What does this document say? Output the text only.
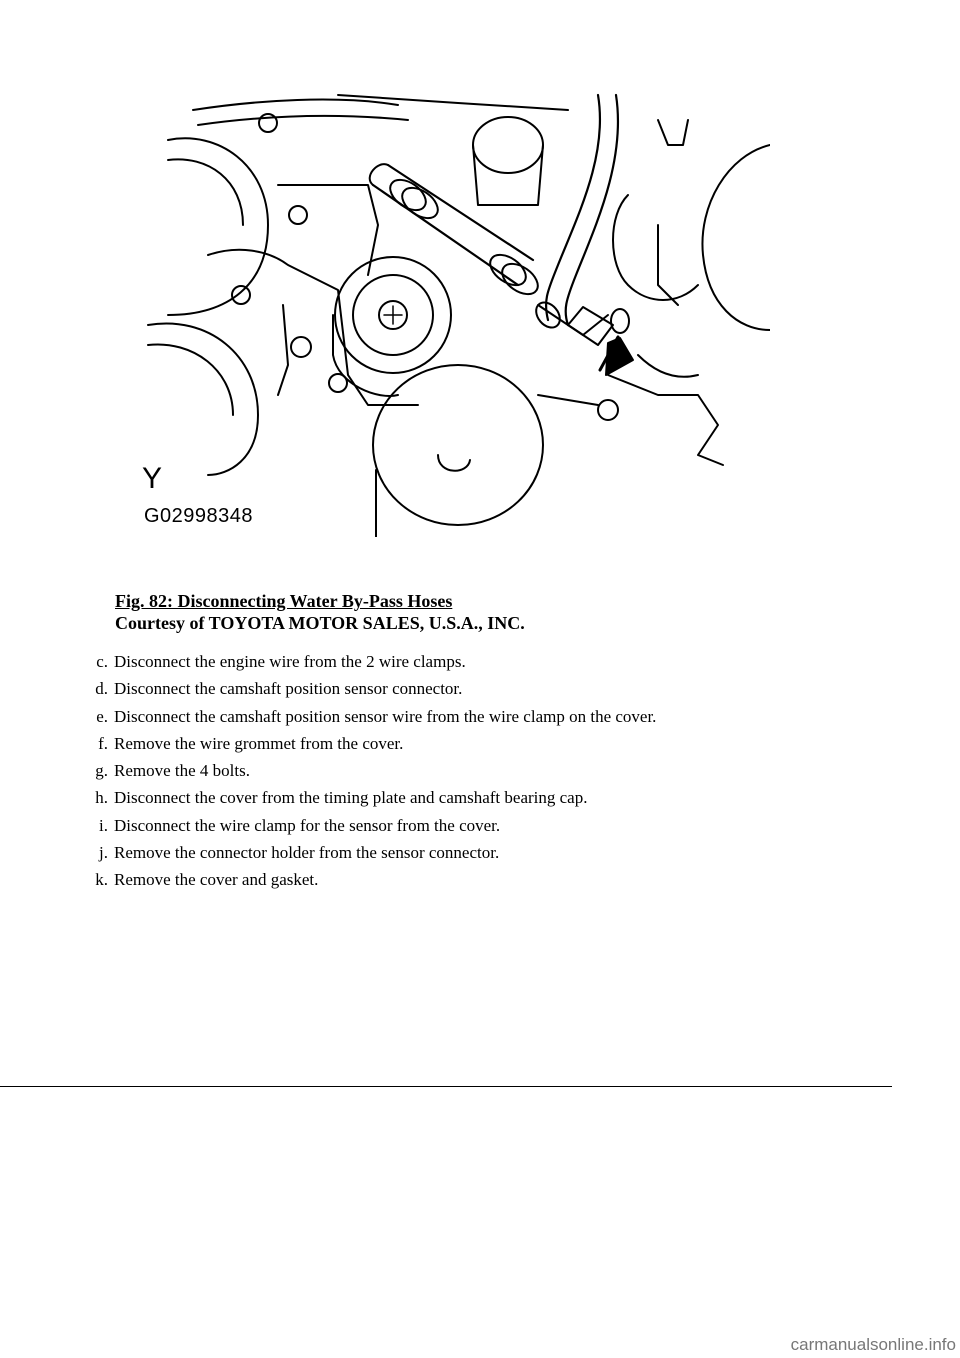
Y
G02998348
Fig. 82: Disconnecting Water By-Pass Hoses
Courtesy of TOYOTA MOTOR SALES, U.S.A., INC.
c. Disconnect the engine wire from the 2 wire clamps.
d. Disconnect the camshaft position sensor connector.
e. Disconnect the camshaft position sensor wire from the wire clamp on the cover.
f. Remove the wire grommet from the cover.
g. Remove the 4 bolts.
h. Disconnect the cover from the timing plate and camshaft bearing cap.
i. Disconnect the wire clamp for the sensor from the cover.
j. Remove the connector holder from the sensor connector.
k. Remove the cover and gasket.
carmanualsonline.info
